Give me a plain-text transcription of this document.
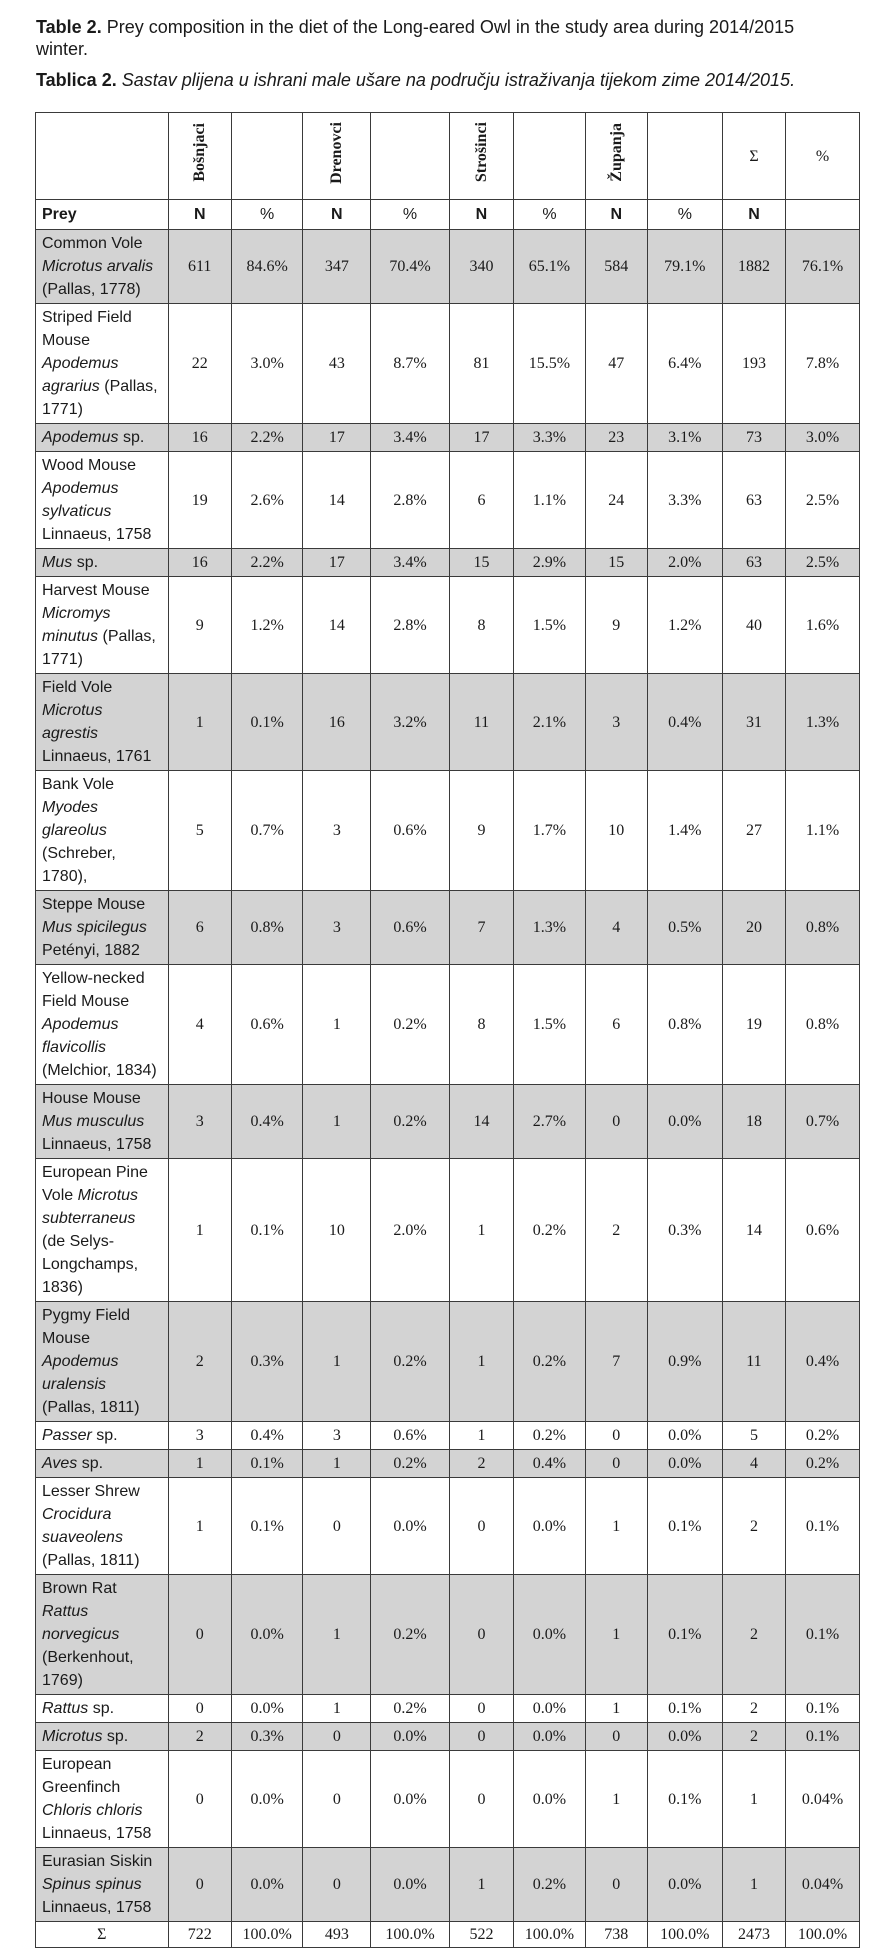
Table 2. Prey composition in the diet of the Long-eared Owl in the study area during 2014/2015 winter.
Tablica 2. Sastav plijena u ishrani male ušare na području istraživanja tijekom zime 2014/2015.
	Bošnjaci		Drenovci		Strošinci		Županja		Σ	%
Prey	N	%	N	%	N	%	N	%	N	
Common Vole Microtus arvalis (Pallas, 1778)	611	84.6%	347	70.4%	340	65.1%	584	79.1%	1882	76.1%
Striped Field Mouse Apodemus agrarius (Pallas, 1771)	22	3.0%	43	8.7%	81	15.5%	47	6.4%	193	7.8%
Apodemus sp.	16	2.2%	17	3.4%	17	3.3%	23	3.1%	73	3.0%
Wood Mouse Apodemus sylvaticus Linnaeus, 1758	19	2.6%	14	2.8%	6	1.1%	24	3.3%	63	2.5%
Mus sp.	16	2.2%	17	3.4%	15	2.9%	15	2.0%	63	2.5%
Harvest Mouse Micromys minutus (Pallas, 1771)	9	1.2%	14	2.8%	8	1.5%	9	1.2%	40	1.6%
Field Vole Microtus agrestis Linnaeus, 1761	1	0.1%	16	3.2%	11	2.1%	3	0.4%	31	1.3%
Bank Vole Myodes glareolus (Schreber, 1780),	5	0.7%	3	0.6%	9	1.7%	10	1.4%	27	1.1%
Steppe Mouse Mus spicilegus Petényi, 1882	6	0.8%	3	0.6%	7	1.3%	4	0.5%	20	0.8%
Yellow-necked Field Mouse Apodemus flavicollis (Melchior, 1834)	4	0.6%	1	0.2%	8	1.5%	6	0.8%	19	0.8%
House Mouse Mus musculus Linnaeus, 1758	3	0.4%	1	0.2%	14	2.7%	0	0.0%	18	0.7%
European Pine Vole Microtus subterraneus (de Selys-Longchamps, 1836)	1	0.1%	10	2.0%	1	0.2%	2	0.3%	14	0.6%
Pygmy Field Mouse Apodemus uralensis (Pallas, 1811)	2	0.3%	1	0.2%	1	0.2%	7	0.9%	11	0.4%
Passer sp.	3	0.4%	3	0.6%	1	0.2%	0	0.0%	5	0.2%
Aves sp.	1	0.1%	1	0.2%	2	0.4%	0	0.0%	4	0.2%
Lesser Shrew Crocidura suaveolens (Pallas, 1811)	1	0.1%	0	0.0%	0	0.0%	1	0.1%	2	0.1%
Brown Rat Rattus norvegicus (Berkenhout, 1769)	0	0.0%	1	0.2%	0	0.0%	1	0.1%	2	0.1%
Rattus sp.	0	0.0%	1	0.2%	0	0.0%	1	0.1%	2	0.1%
Microtus sp.	2	0.3%	0	0.0%	0	0.0%	0	0.0%	2	0.1%
European Greenfinch Chloris chloris Linnaeus, 1758	0	0.0%	0	0.0%	0	0.0%	1	0.1%	1	0.04%
Eurasian Siskin Spinus spinus Linnaeus, 1758	0	0.0%	0	0.0%	1	0.2%	0	0.0%	1	0.04%
Σ	722	100.0%	493	100.0%	522	100.0%	738	100.0%	2473	100.0%
